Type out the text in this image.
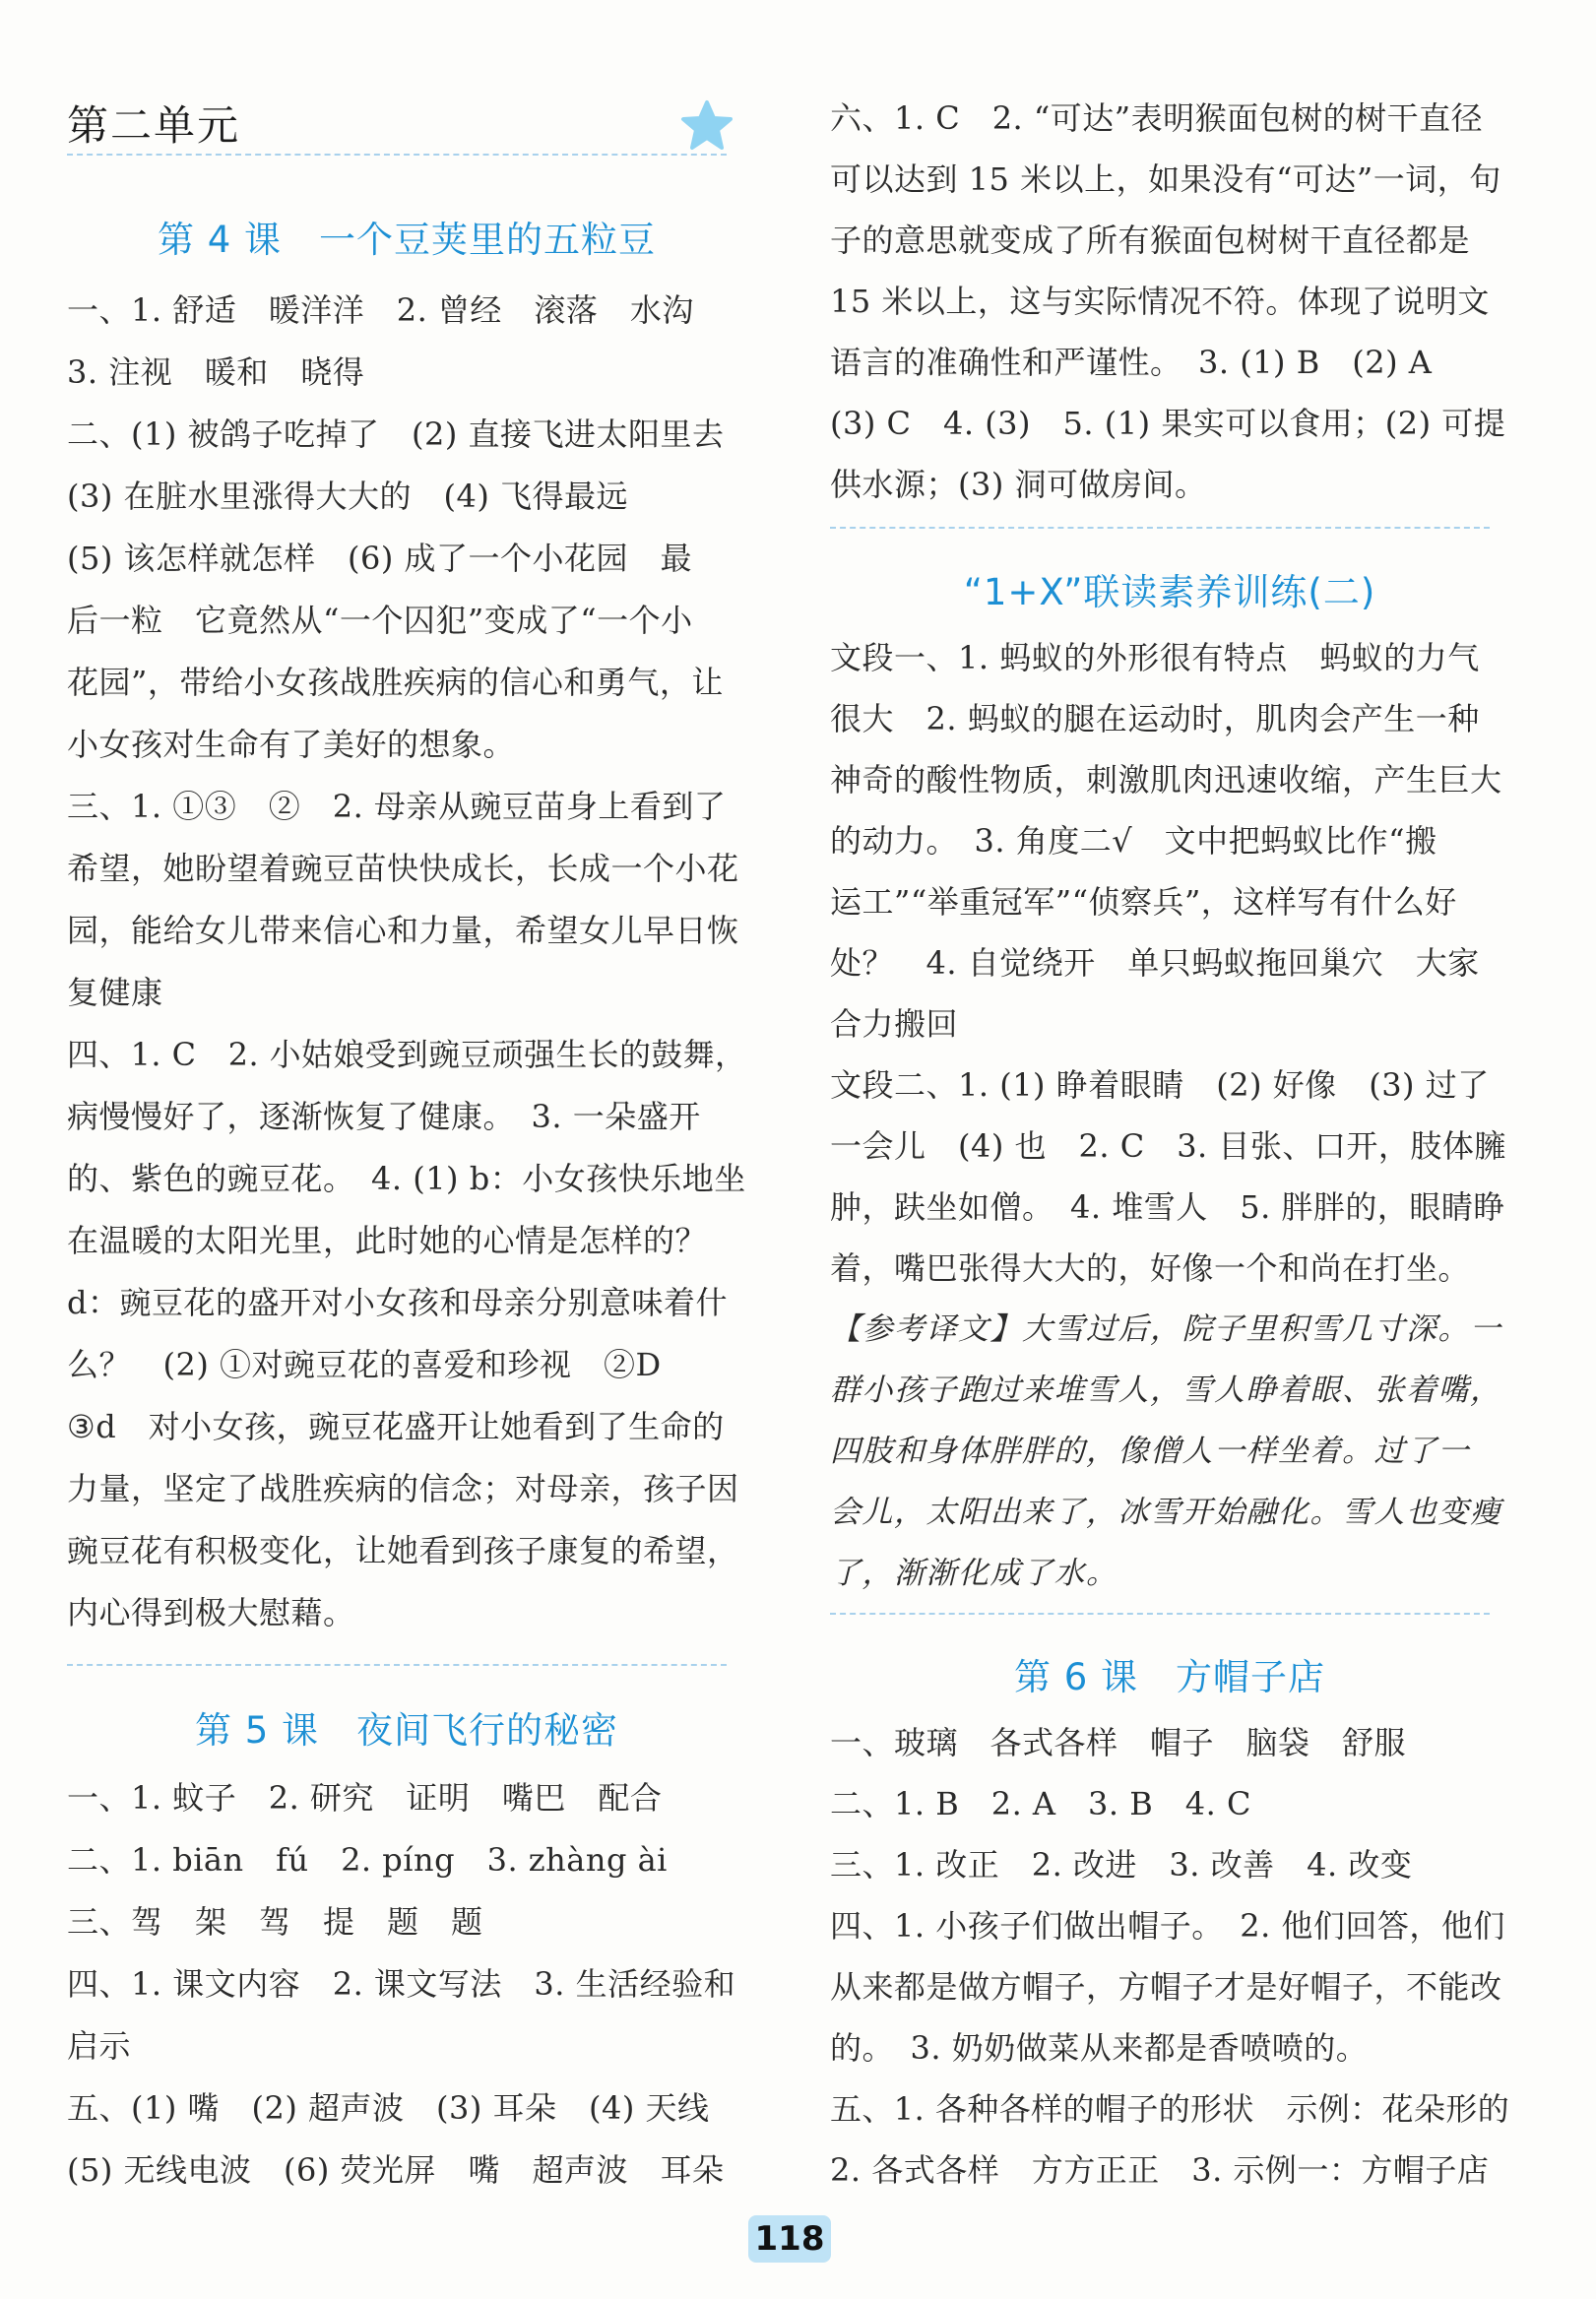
第二单元
第 4 课　一个豆荚里的五粒豆
一、1. 舒适　暖洋洋　2. 曾经　滚落　水沟
3. 注视　暖和　晓得
二、(1) 被鸽子吃掉了　(2) 直接飞进太阳里去
(3) 在脏水里涨得大大的　(4) 飞得最远
(5) 该怎样就怎样　(6) 成了一个小花园　最
后一粒　它竟然从“一个囚犯”变成了“一个小
花园”，带给小女孩战胜疾病的信心和勇气，让
小女孩对生命有了美好的想象。
三、1. ①③　②　2. 母亲从豌豆苗身上看到了
希望，她盼望着豌豆苗快快成长，长成一个小花
园，能给女儿带来信心和力量，希望女儿早日恢
复健康
四、1. C　2. 小姑娘受到豌豆顽强生长的鼓舞，
病慢慢好了，逐渐恢复了健康。　3. 一朵盛开
的、紫色的豌豆花。　4. (1) b：小女孩快乐地坐
在温暖的太阳光里，此时她的心情是怎样的？
d：豌豆花的盛开对小女孩和母亲分别意味着什
么？　(2) ①对豌豆花的喜爱和珍视　②D
③d　对小女孩，豌豆花盛开让她看到了生命的
力量，坚定了战胜疾病的信念；对母亲，孩子因
豌豆花有积极变化，让她看到孩子康复的希望，
内心得到极大慰藉。
第 5 课　夜间飞行的秘密
一、1. 蚊子　2. 研究　证明　嘴巴　配合
二、1. biān　fú　2. píng　3. zhàng ài
三、驾　架　驾　提　题　题
四、1. 课文内容　2. 课文写法　3. 生活经验和
启示
五、(1) 嘴　(2) 超声波　(3) 耳朵　(4) 天线
(5) 无线电波　(6) 荧光屏　嘴　超声波　耳朵
六、1. C　2. “可达”表明猴面包树的树干直径
可以达到 15 米以上，如果没有“可达”一词，句
子的意思就变成了所有猴面包树树干直径都是
15 米以上，这与实际情况不符。体现了说明文
语言的准确性和严谨性。　3. (1) B　(2) A
(3) C　4. (3)　5. (1) 果实可以食用；(2) 可提
供水源；(3) 洞可做房间。
“1+X”联读素养训练(二)
文段一、1. 蚂蚁的外形很有特点　蚂蚁的力气
很大　2. 蚂蚁的腿在运动时，肌肉会产生一种
神奇的酸性物质，刺激肌肉迅速收缩，产生巨大
的动力。　3. 角度二√　文中把蚂蚁比作“搬
运工”“举重冠军”“侦察兵”，这样写有什么好
处？　4. 自觉绕开　单只蚂蚁拖回巢穴　大家
合力搬回
文段二、1. (1) 睁着眼睛　(2) 好像　(3) 过了
一会儿　(4) 也　2. C　3. 目张、口开，肢体臃
肿，趺坐如僧。　4. 堆雪人　5. 胖胖的，眼睛睁
着，嘴巴张得大大的，好像一个和尚在打坐。
【参考译文】大雪过后，院子里积雪几寸深。一
群小孩子跑过来堆雪人，雪人睁着眼、张着嘴，
四肢和身体胖胖的，像僧人一样坐着。过了一
会儿，太阳出来了，冰雪开始融化。雪人也变瘦
了，渐渐化成了水。
第 6 课　方帽子店
一、玻璃　各式各样　帽子　脑袋　舒服
二、1. B　2. A　3. B　4. C
三、1. 改正　2. 改进　3. 改善　4. 改变
四、1. 小孩子们做出帽子。　2. 他们回答，他们
从来都是做方帽子，方帽子才是好帽子，不能改
的。　3. 奶奶做菜从来都是香喷喷的。
五、1. 各种各样的帽子的形状　示例：花朵形的
2. 各式各样　方方正正　3. 示例一：方帽子店
118
